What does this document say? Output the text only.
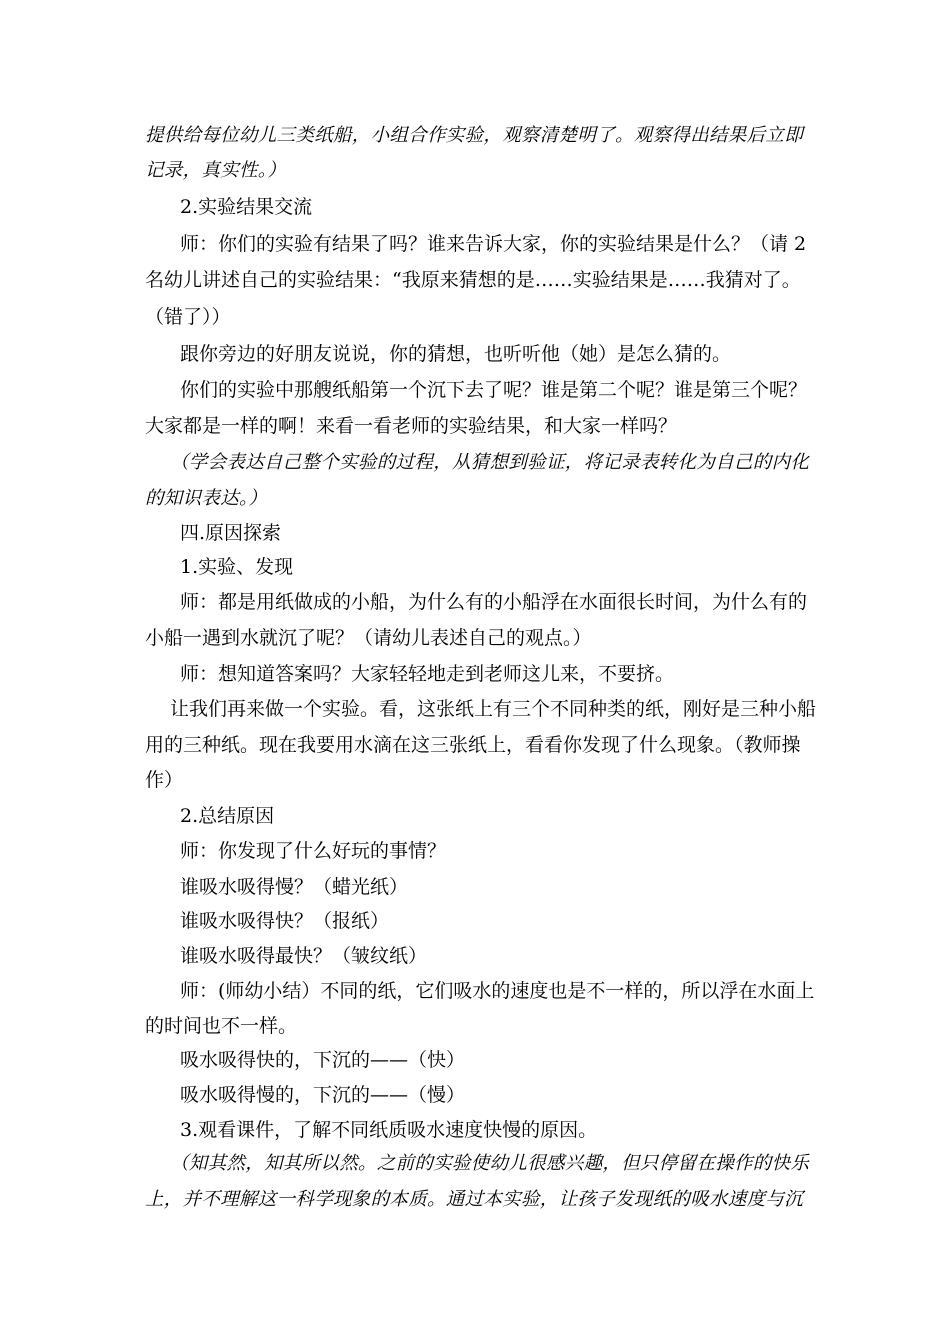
提供给每位幼儿三类纸船，小组合作实验，观察清楚明了。观察得出结果后立即
记录，真实性。）
2.实验结果交流
师：你们的实验有结果了吗？谁来告诉大家，你的实验结果是什么？（请 2
名幼儿讲述自己的实验结果：“我原来猜想的是……实验结果是……我猜对了。
（错了））
跟你旁边的好朋友说说，你的猜想，也听听他（她）是怎么猜的。
你们的实验中那艘纸船第一个沉下去了呢？谁是第二个呢？谁是第三个呢？
大家都是一样的啊！来看一看老师的实验结果，和大家一样吗？
（学会表达自己整个实验的过程，从猜想到验证，将记录表转化为自己的内化
的知识表达。）
四.原因探索
1.实验、发现
师：都是用纸做成的小船，为什么有的小船浮在水面很长时间，为什么有的
小船一遇到水就沉了呢？（请幼儿表述自己的观点。）
师：想知道答案吗？大家轻轻地走到老师这儿来，不要挤。
让我们再来做一个实验。看，这张纸上有三个不同种类的纸，刚好是三种小船
用的三种纸。现在我要用水滴在这三张纸上，看看你发现了什么现象。（教师操
作）
2.总结原因
师：你发现了什么好玩的事情？
谁吸水吸得慢？（蜡光纸）
谁吸水吸得快？（报纸）
谁吸水吸得最快？（皱纹纸）
师：(师幼小结）不同的纸，它们吸水的速度也是不一样的，所以浮在水面上
的时间也不一样。
吸水吸得快的，下沉的——（快）
吸水吸得慢的，下沉的——（慢）
3.观看课件，了解不同纸质吸水速度快慢的原因。
（知其然，知其所以然。之前的实验使幼儿很感兴趣，但只停留在操作的快乐
上，并不理解这一科学现象的本质。通过本实验，让孩子发现纸的吸水速度与沉
